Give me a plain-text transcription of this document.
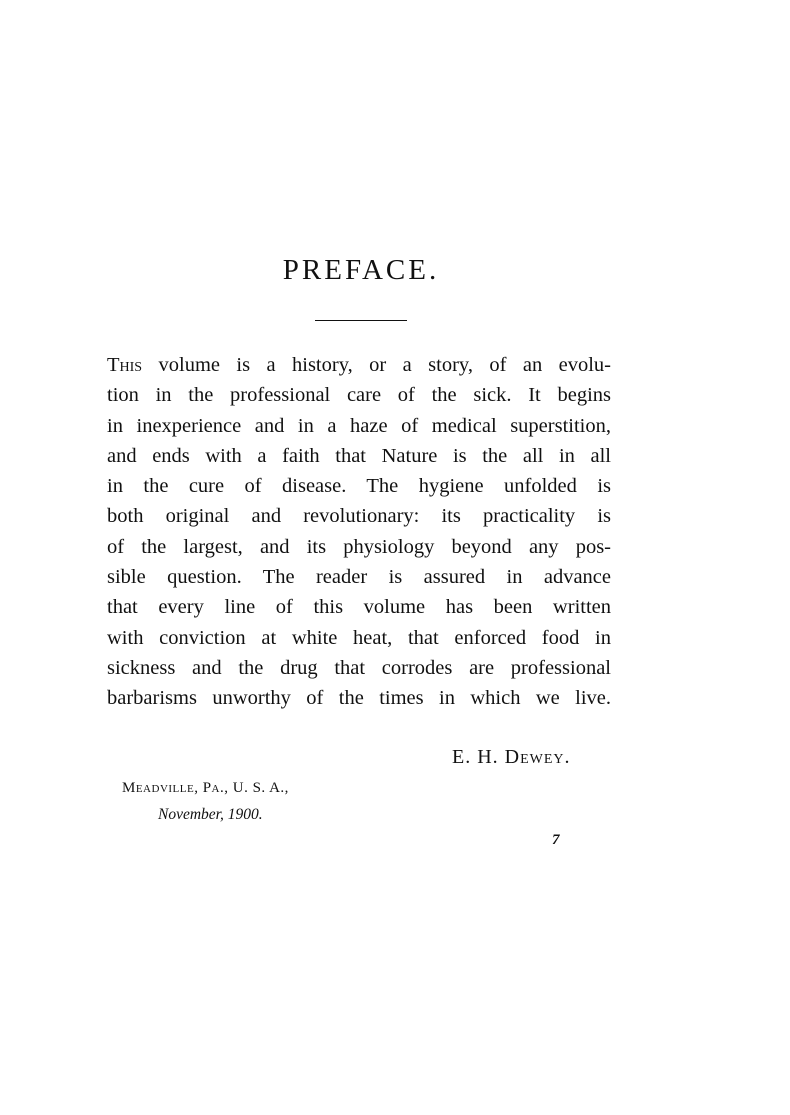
PREFACE.
This volume is a history, or a story, of an evolu-
tion in the professional care of the sick. It begins
in inexperience and in a haze of medical superstition,
and ends with a faith that Nature is the all in all
in the cure of disease. The hygiene unfolded is
both original and revolutionary: its practicality is
of the largest, and its physiology beyond any pos-
sible question. The reader is assured in advance
that every line of this volume has been written
with conviction at white heat, that enforced food in
sickness and the drug that corrodes are professional
barbarisms unworthy of the times in which we live.

E. H. Dewey.

Meadville, Pa., U. S. A.,

November, 1900.

7
